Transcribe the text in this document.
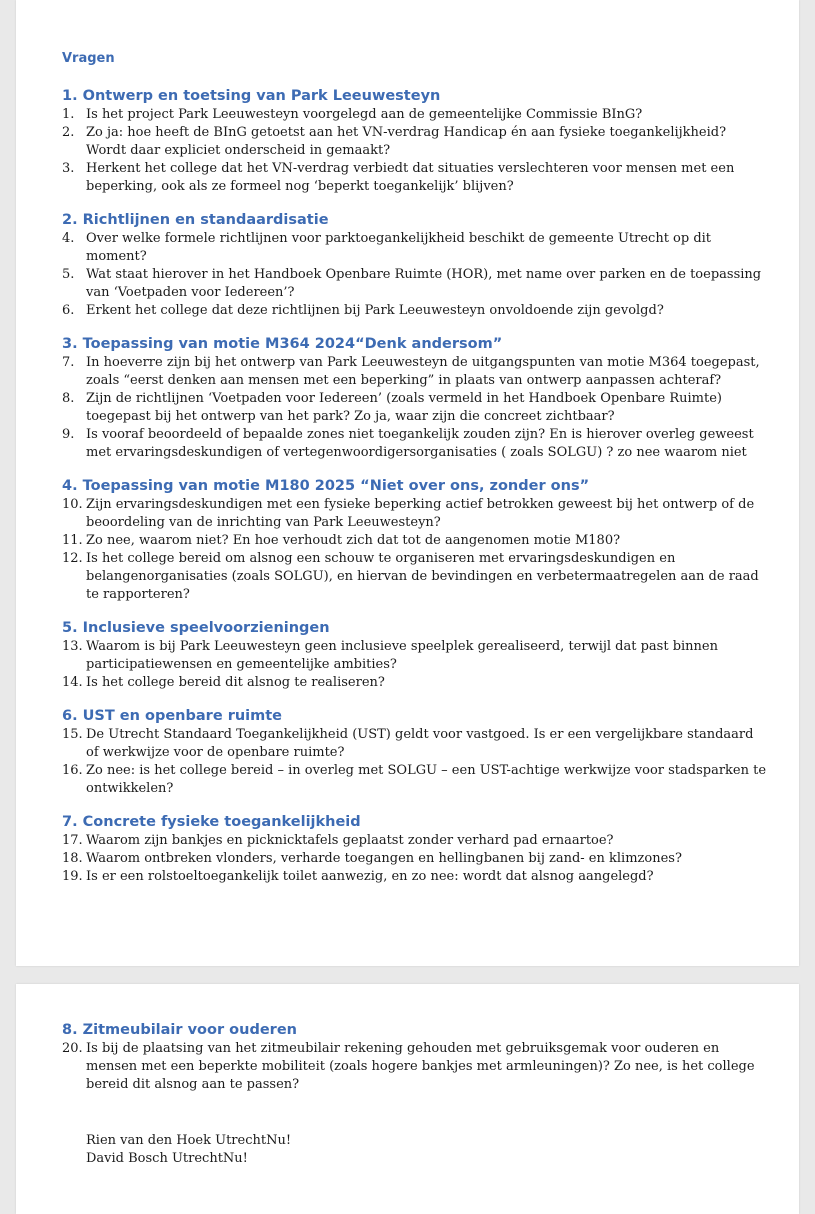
Vragen
1. Ontwerp en toetsing van Park Leeuwesteyn
1. Is het project Park Leeuwesteyn voorgelegd aan de gemeentelijke Commissie BInG?
2. Zo ja: hoe heeft de BInG getoetst aan het VN-verdrag Handicap én aan fysieke toegankelijkheid? Wordt daar expliciet onderscheid in gemaakt?
3. Herkent het college dat het VN-verdrag verbiedt dat situaties verslechteren voor mensen met een beperking, ook als ze formeel nog ‘beperkt toegankelijk’ blijven?
2. Richtlijnen en standaardisatie
4. Over welke formele richtlijnen voor parktoegankelijkheid beschikt de gemeente Utrecht op dit moment?
5. Wat staat hierover in het Handboek Openbare Ruimte (HOR), met name over parken en de toepassing van ‘Voetpaden voor Iedereen’?
6. Erkent het college dat deze richtlijnen bij Park Leeuwesteyn onvoldoende zijn gevolgd?
3. Toepassing van motie M364 2024“Denk andersom”
7. In hoeverre zijn bij het ontwerp van Park Leeuwesteyn de uitgangspunten van motie M364 toegepast, zoals “eerst denken aan mensen met een beperking” in plaats van ontwerp aanpassen achteraf?
8. Zijn de richtlijnen ‘Voetpaden voor Iedereen’ (zoals vermeld in het Handboek Openbare Ruimte) toegepast bij het ontwerp van het park? Zo ja, waar zijn die concreet zichtbaar?
9. Is vooraf beoordeeld of bepaalde zones niet toegankelijk zouden zijn? En is hierover overleg geweest met ervaringsdeskundigen of vertegenwoordigersorganisaties ( zoals SOLGU) ? zo nee waarom niet
4. Toepassing van motie M180 2025 “Niet over ons, zonder ons”
10. Zijn ervaringsdeskundigen met een fysieke beperking actief betrokken geweest bij het ontwerp of de beoordeling van de inrichting van Park Leeuwesteyn?
11. Zo nee, waarom niet? En hoe verhoudt zich dat tot de aangenomen motie M180?
12. Is het college bereid om alsnog een schouw te organiseren met ervaringsdeskundigen en belangenorganisaties (zoals SOLGU), en hiervan de bevindingen en verbetermaatregelen aan de raad te rapporteren?
5. Inclusieve speelvoorzieningen
13. Waarom is bij Park Leeuwesteyn geen inclusieve speelplek gerealiseerd, terwijl dat past binnen participatiewensen en gemeentelijke ambities?
14. Is het college bereid dit alsnog te realiseren?
6. UST en openbare ruimte
15. De Utrecht Standaard Toegankelijkheid (UST) geldt voor vastgoed. Is er een vergelijkbare standaard of werkwijze voor de openbare ruimte?
16. Zo nee: is het college bereid – in overleg met SOLGU – een UST-achtige werkwijze voor stadsparken te ontwikkelen?
7. Concrete fysieke toegankelijkheid
17. Waarom zijn bankjes en picknicktafels geplaatst zonder verhard pad ernaartoe?
18. Waarom ontbreken vlonders, verharde toegangen en hellingbanen bij zand- en klimzones?
19. Is er een rolstoeltoegankelijk toilet aanwezig, en zo nee: wordt dat alsnog aangelegd?
8. Zitmeubilair voor ouderen
20. Is bij de plaatsing van het zitmeubilair rekening gehouden met gebruiksgemak voor ouderen en mensen met een beperkte mobiliteit (zoals hogere bankjes met armleuningen)? Zo nee, is het college bereid dit alsnog aan te passen?
Rien van den Hoek UtrechtNu!
David Bosch UtrechtNu!
